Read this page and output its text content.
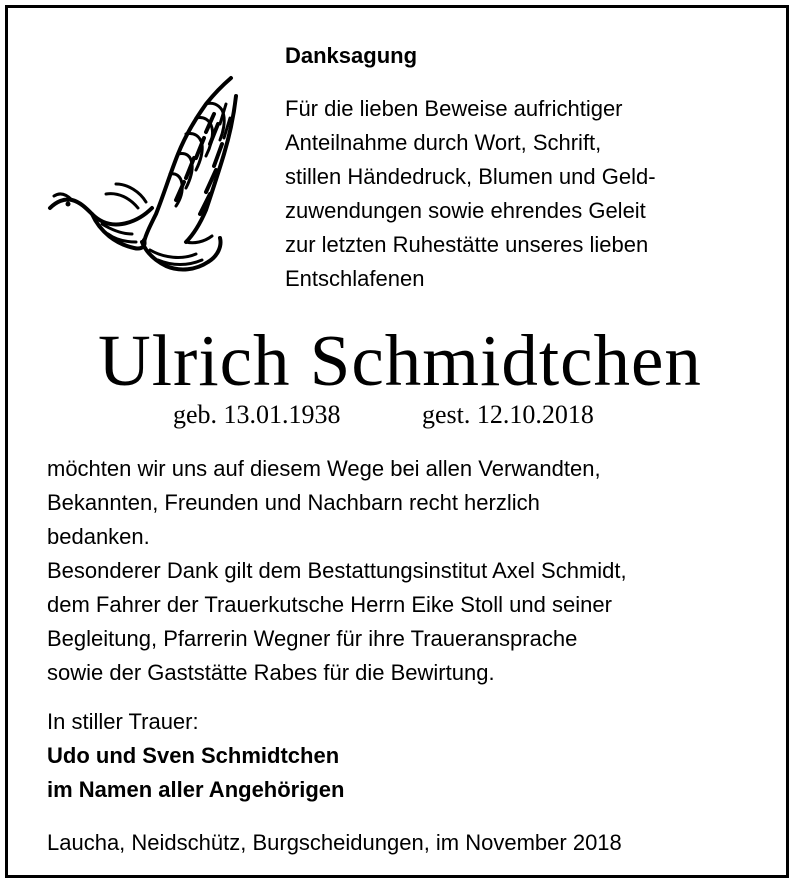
Danksagung
Für die lieben Beweise aufrichtiger
Anteilnahme durch Wort, Schrift,
stillen Händedruck, Blumen und Geld-
zuwendungen sowie ehrendes Geleit
zur letzten Ruhestätte unseres lieben
Entschlafenen
Ulrich Schmidtchen
geb. 13.01.1938	gest. 12.10.2018
möchten wir uns auf diesem Wege bei allen Verwandten,
Bekannten, Freunden und Nachbarn recht herzlich
bedanken.
Besonderer Dank gilt dem Bestattungsinstitut Axel Schmidt,
dem Fahrer der Trauerkutsche Herrn Eike Stoll und seiner
Begleitung, Pfarrerin Wegner für ihre Traueransprache
sowie der Gaststätte Rabes für die Bewirtung.
In stiller Trauer:
Udo und Sven Schmidtchen
im Namen aller Angehörigen
Laucha, Neidschütz, Burgscheidungen, im November 2018
